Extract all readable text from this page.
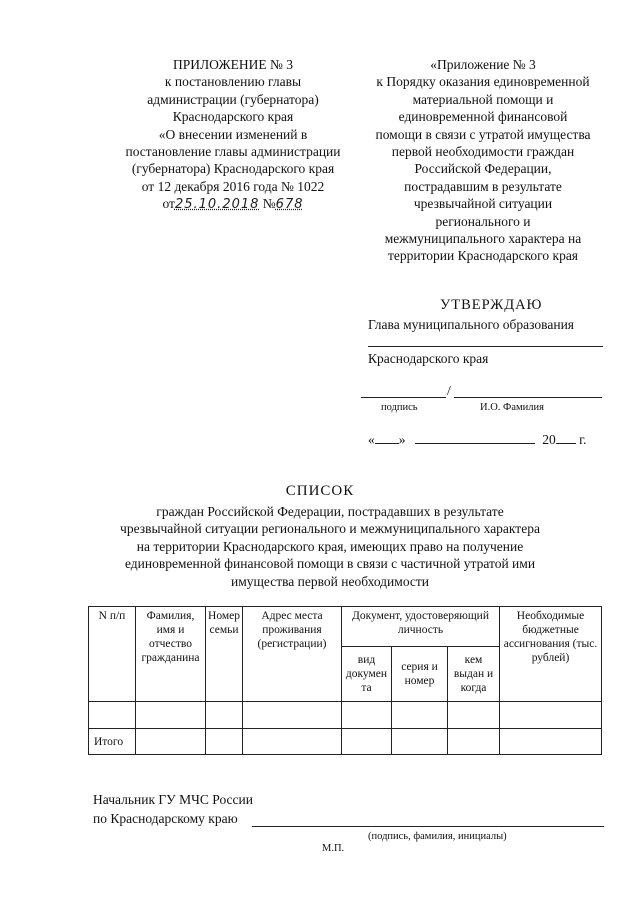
ПРИЛОЖЕНИЕ № 3
к постановлению главы
администрации (губернатора)
Краснодарского края
«О внесении изменений в
постановление главы администрации
(губернатора) Краснодарского края
от 12 декабря 2016 года № 1022
от25.10.2018 №678
«Приложение № 3
к Порядку оказания единовременной
материальной помощи и
единовременной финансовой
помощи в связи с утратой имущества
первой необходимости граждан
Российской Федерации,
пострадавшим в результате
чрезвычайной ситуации
регионального и
межмуниципального характера на
территории Краснодарского края
УТВЕРЖДАЮ
Глава муниципального образования
Краснодарского края
/
подпись	И.О. Фамилия
« »	20 г.
СПИСОК
граждан Российской Федерации, пострадавших в результате чрезвычайной ситуации регионального и межмуниципального характера на территории Краснодарского края, имеющих право на получение единовременной финансовой помощи в связи с частичной утратой ими имущества первой необходимости
N п/п	Фамилия, имя и отчество гражданина	Номер семьи	Адрес места проживания (регистрации)	Документ, удостоверяющий личность			Необходимые бюджетные ассигнования (тыс. рублей)
				вид докумен та	серия и номер	кем выдан и когда	

Итого							
Начальник ГУ МЧС России
по Краснодарскому краю
(подпись, фамилия, инициалы)
М.П.
